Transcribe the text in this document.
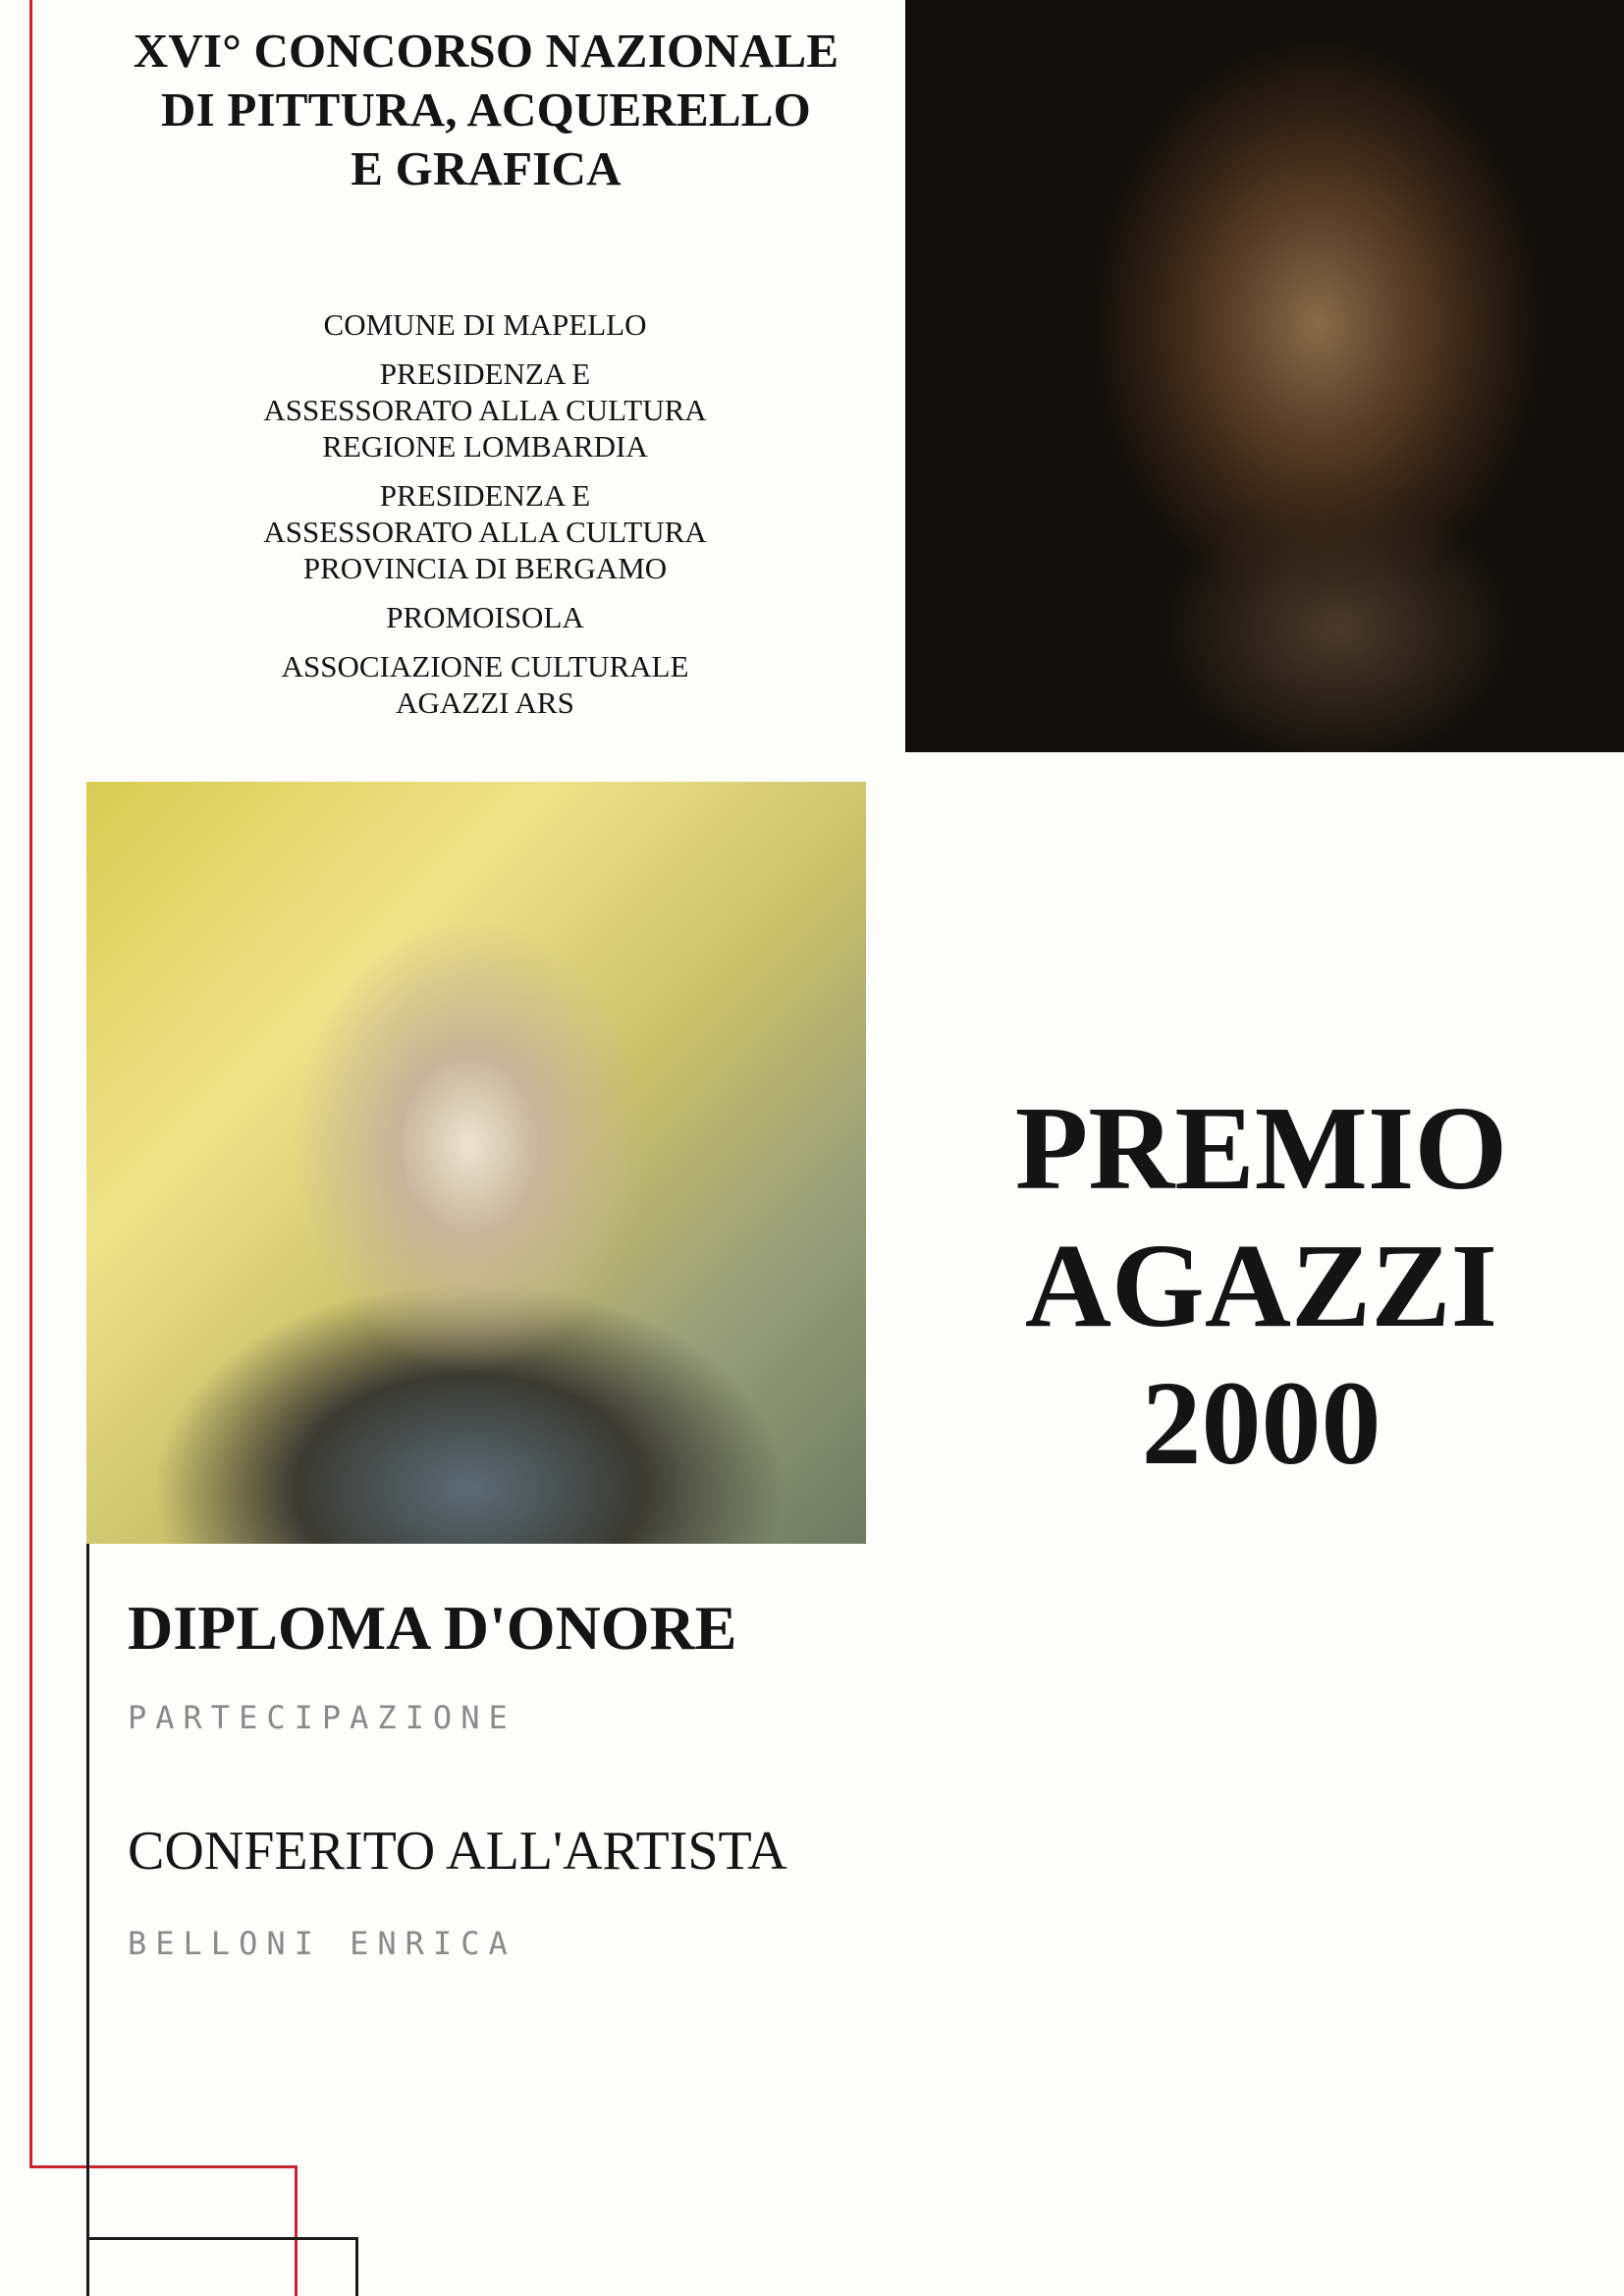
XVI° CONCORSO NAZIONALE
DI PITTURA, ACQUERELLO
E GRAFICA
COMUNE DI MAPELLO
PRESIDENZA E
ASSESSORATO ALLA CULTURA
REGIONE LOMBARDIA
PRESIDENZA E
ASSESSORATO ALLA CULTURA
PROVINCIA DI BERGAMO
PROMOISOLA
ASSOCIAZIONE CULTURALE
AGAZZI ARS
PREMIO
AGAZZI
2000
DIPLOMA D'ONORE
PARTECIPAZIONE
CONFERITO ALL'ARTISTA
BELLONI ENRICA
